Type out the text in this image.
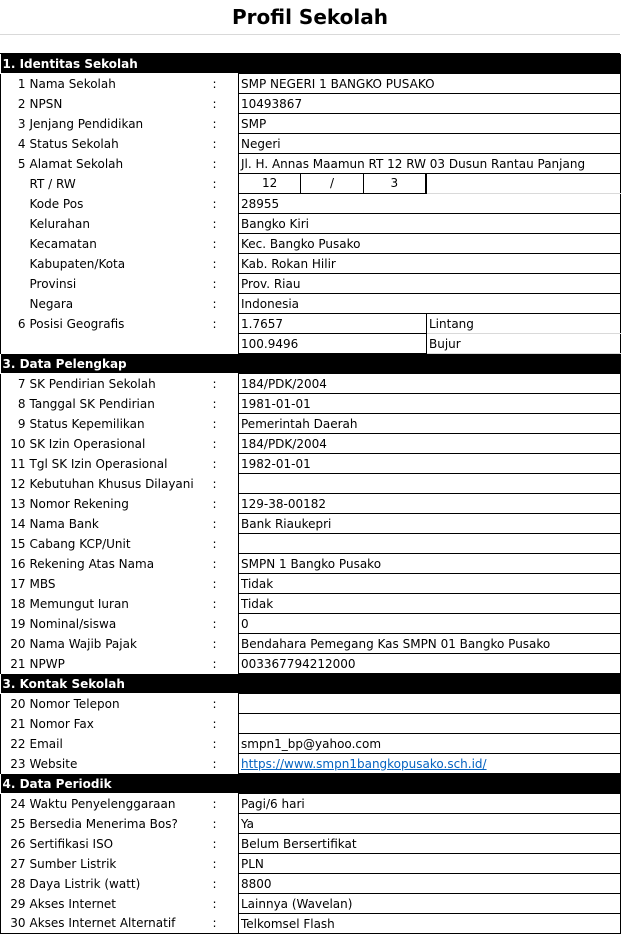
Profil Sekolah
1. Identitas Sekolah				
1	Nama Sekolah	:	SMP NEGERI 1 BANGKO PUSAKO	
2	NPSN	:	10493867	
3	Jenjang Pendidikan	:	SMP	
4	Status Sekolah	:	Negeri	
5	Alamat Sekolah	:	Jl. H. Annas Maamun RT 12 RW 03 Dusun Rantau Panjang	
	RT / RW	:	12 / 3	

	Kode Pos	:	28955	
	Kelurahan	:	Bangko Kiri	
	Kecamatan	:	Kec. Bangko Pusako	
	Kabupaten/Kota	:	Kab. Rokan Hilir	
	Provinsi	:	Prov. Riau	
	Negara	:	Indonesia	
6	Posisi Geografis	:	1.7657	Lintang
			100.9496	Bujur
3. Data Pelengkap				
7	SK Pendirian Sekolah	:	184/PDK/2004	
8	Tanggal SK Pendirian	:	1981-01-01	
9	Status Kepemilikan	:	Pemerintah Daerah	
10	SK Izin Operasional	:	184/PDK/2004	
11	Tgl SK Izin Operasional	:	1982-01-01	
12	Kebutuhan Khusus Dilayani	:		
13	Nomor Rekening	:	129-38-00182	
14	Nama Bank	:	Bank Riaukepri	
15	Cabang KCP/Unit	:		
16	Rekening Atas Nama	:	SMPN 1 Bangko Pusako	
17	MBS	:	Tidak	
18	Memungut Iuran	:	Tidak	
19	Nominal/siswa	:	0	
20	Nama Wajib Pajak	:	Bendahara Pemegang Kas SMPN 01 Bangko Pusako	
21	NPWP	:	003367794212000	
3. Kontak Sekolah				
20	Nomor Telepon	:		
21	Nomor Fax	:		
22	Email	:	smpn1_bp@yahoo.com	
23	Website	:	https://www.smpn1bangkopusako.sch.id/	
4. Data Periodik				
24	Waktu Penyelenggaraan	:	Pagi/6 hari	
25	Bersedia Menerima Bos?	:	Ya	
26	Sertifikasi ISO	:	Belum Bersertifikat	
27	Sumber Listrik	:	PLN	
28	Daya Listrik (watt)	:	8800	
29	Akses Internet	:	Lainnya (Wavelan)	
30	Akses Internet Alternatif	:	Telkomsel Flash	
